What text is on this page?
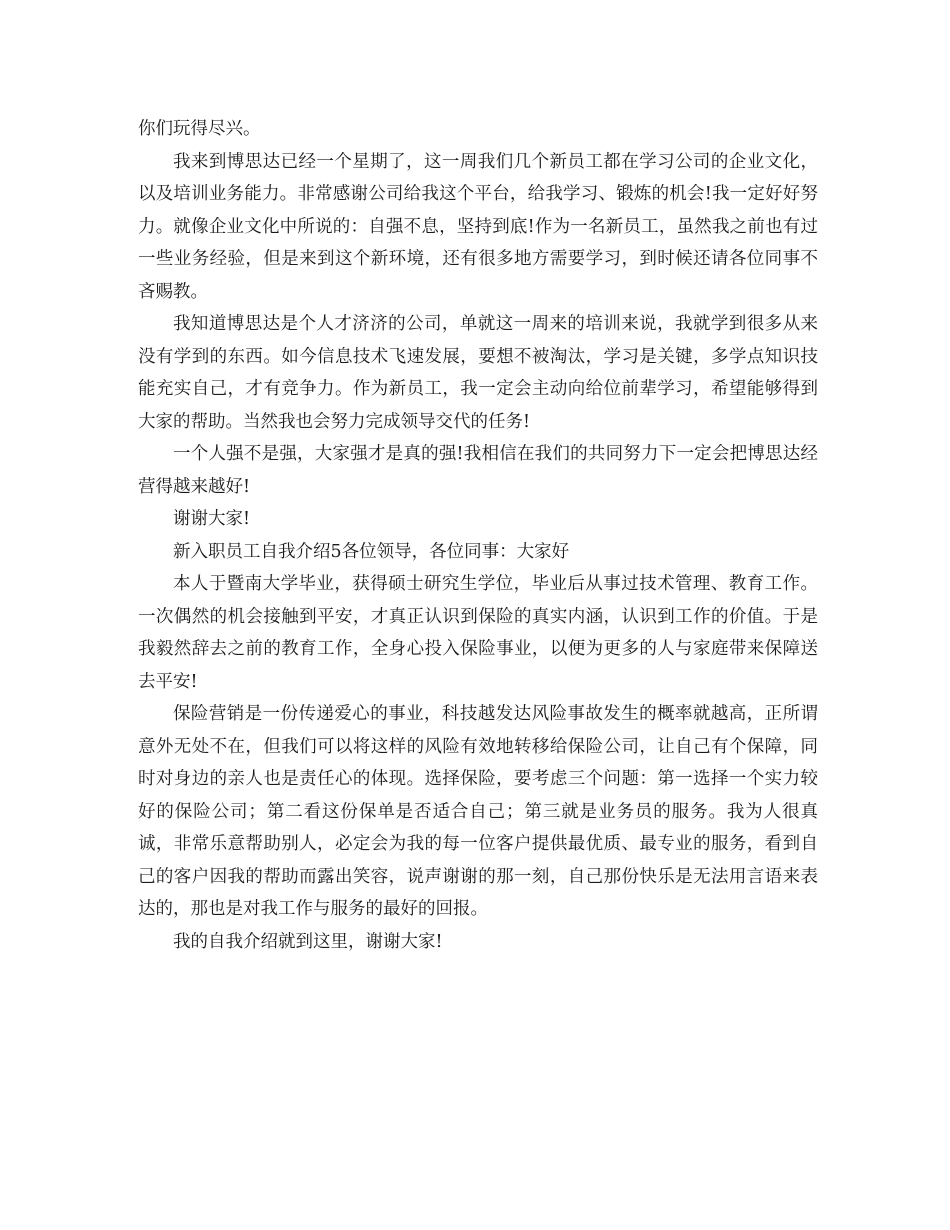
你们玩得尽兴。

我来到博思达已经一个星期了，这一周我们几个新员工都在学习公司的企业文化，以及培训业务能力。非常感谢公司给我这个平台，给我学习、锻炼的机会!我一定好好努力。就像企业文化中所说的：自强不息，坚持到底!作为一名新员工，虽然我之前也有过一些业务经验，但是来到这个新环境，还有很多地方需要学习，到时候还请各位同事不吝赐教。

我知道博思达是个人才济济的公司，单就这一周来的培训来说，我就学到很多从来没有学到的东西。如今信息技术飞速发展，要想不被淘汰，学习是关键，多学点知识技能充实自己，才有竞争力。作为新员工，我一定会主动向给位前辈学习，希望能够得到大家的帮助。当然我也会努力完成领导交代的任务!

一个人强不是强，大家强才是真的强!我相信在我们的共同努力下一定会把博思达经营得越来越好!

谢谢大家!

新入职员工自我介绍5各位领导，各位同事：大家好

本人于暨南大学毕业，获得硕士研究生学位，毕业后从事过技术管理、教育工作。一次偶然的机会接触到平安，才真正认识到保险的真实内涵，认识到工作的价值。于是我毅然辞去之前的教育工作，全身心投入保险事业，以便为更多的人与家庭带来保障送去平安!

保险营销是一份传递爱心的事业，科技越发达风险事故发生的概率就越高，正所谓意外无处不在，但我们可以将这样的风险有效地转移给保险公司，让自己有个保障，同时对身边的亲人也是责任心的体现。选择保险，要考虑三个问题：第一选择一个实力较好的保险公司；第二看这份保单是否适合自己；第三就是业务员的服务。我为人很真诚，非常乐意帮助别人，必定会为我的每一位客户提供最优质、最专业的服务，看到自己的客户因我的帮助而露出笑容，说声谢谢的那一刻，自己那份快乐是无法用言语来表达的，那也是对我工作与服务的最好的回报。

我的自我介绍就到这里，谢谢大家!
